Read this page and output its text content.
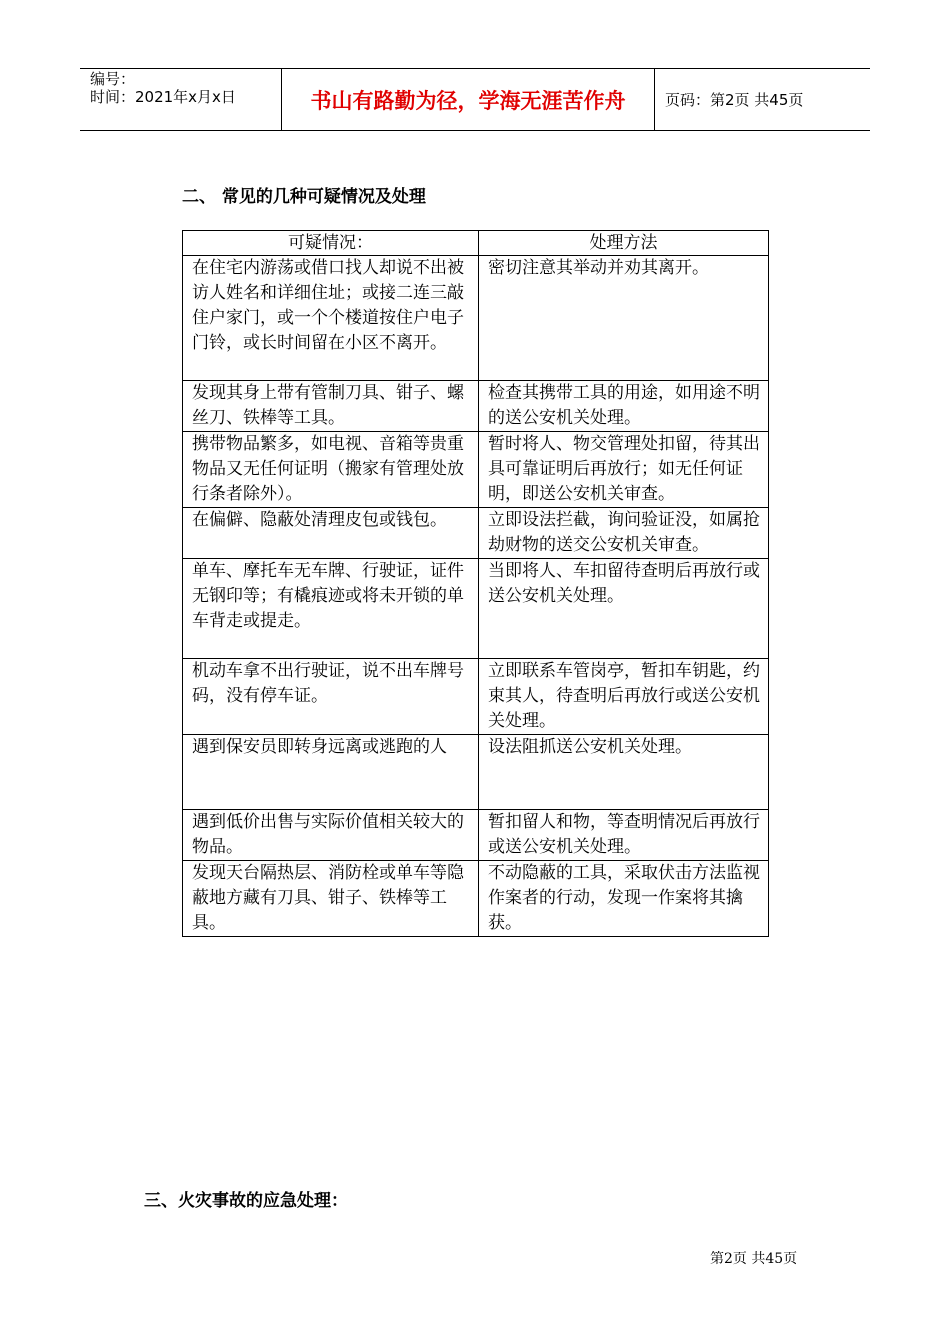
编号：
时间：2021年x月x日	书山有路勤为径，学海无涯苦作舟	页码：第2页 共45页
二、 常见的几种可疑情况及处理
可疑情况：	处理方法
在住宅内游荡或借口找人却说不出被访人姓名和详细住址；或接二连三敲住户家门，或一个个楼道按住户电子门铃，或长时间留在小区不离开。	密切注意其举动并劝其离开。
发现其身上带有管制刀具、钳子、螺丝刀、铁棒等工具。	检查其携带工具的用途，如用途不明的送公安机关处理。
携带物品繁多，如电视、音箱等贵重物品又无任何证明（搬家有管理处放行条者除外）。	暂时将人、物交管理处扣留，待其出具可靠证明后再放行；如无任何证明，即送公安机关审查。
在偏僻、隐蔽处清理皮包或钱包。	立即设法拦截，询问验证没，如属抢劫财物的送交公安机关审查。
单车、摩托车无车牌、行驶证，证件无钢印等；有橇痕迹或将未开锁的单车背走或提走。	当即将人、车扣留待查明后再放行或送公安机关处理。
机动车拿不出行驶证，说不出车牌号码，没有停车证。	立即联系车管岗亭，暂扣车钥匙，约束其人，待查明后再放行或送公安机关处理。
遇到保安员即转身远离或逃跑的人	设法阻抓送公安机关处理。
遇到低价出售与实际价值相关较大的物品。	暂扣留人和物，等查明情况后再放行或送公安机关处理。
发现天台隔热层、消防栓或单车等隐蔽地方藏有刀具、钳子、铁棒等工具。	不动隐蔽的工具，采取伏击方法监视作案者的行动，发现一作案将其擒获。
三、火灾事故的应急处理：
第2页 共45页
